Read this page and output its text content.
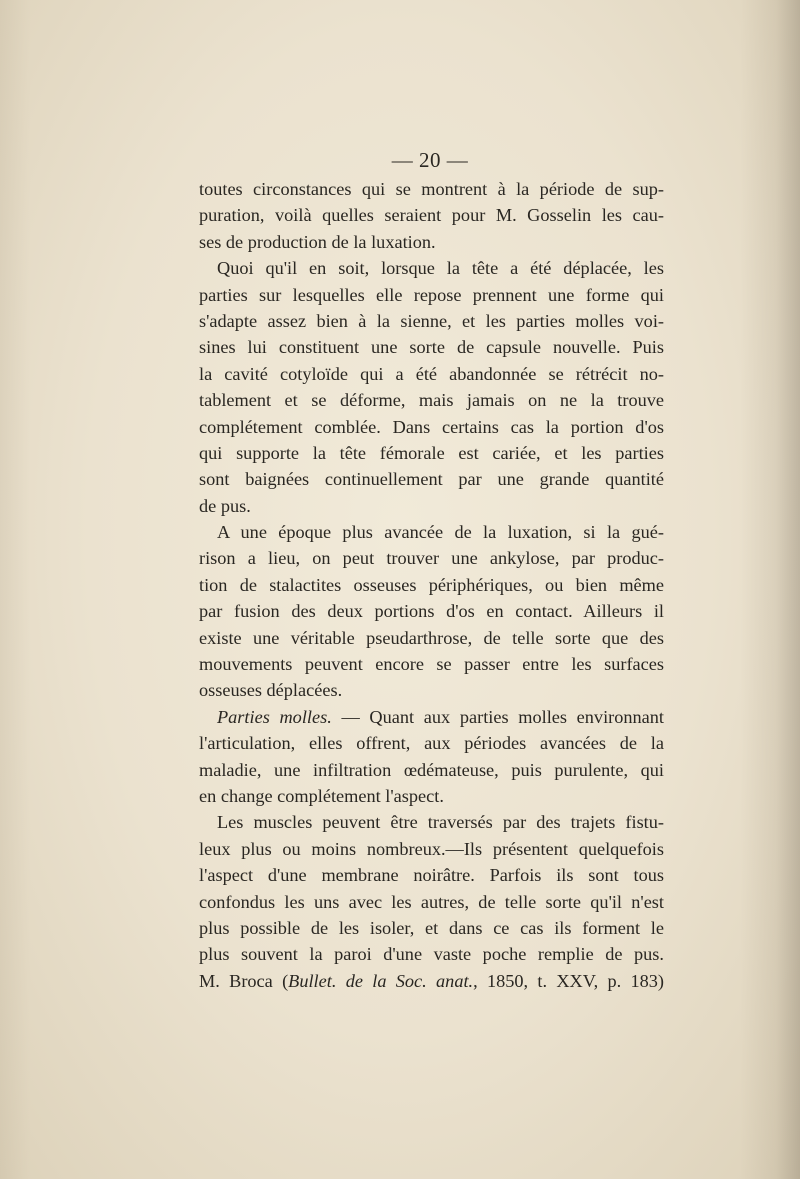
— 20 —
toutes circonstances qui se montrent à la période de sup-
puration, voilà quelles seraient pour M. Gosselin les cau-
ses de production de la luxation.
Quoi qu'il en soit, lorsque la tête a été déplacée, les
parties sur lesquelles elle repose prennent une forme qui
s'adapte assez bien à la sienne, et les parties molles voi-
sines lui constituent une sorte de capsule nouvelle. Puis
la cavité cotyloïde qui a été abandonnée se rétrécit no-
tablement et se déforme, mais jamais on ne la trouve
complétement comblée. Dans certains cas la portion d'os
qui supporte la tête fémorale est cariée, et les parties
sont baignées continuellement par une grande quantité
de pus.
A une époque plus avancée de la luxation, si la gué-
rison a lieu, on peut trouver une ankylose, par produc-
tion de stalactites osseuses périphériques, ou bien même
par fusion des deux portions d'os en contact. Ailleurs il
existe une véritable pseudarthrose, de telle sorte que des
mouvements peuvent encore se passer entre les surfaces
osseuses déplacées.
Parties molles. — Quant aux parties molles environnant
l'articulation, elles offrent, aux périodes avancées de la
maladie, une infiltration œdémateuse, puis purulente, qui
en change complétement l'aspect.
Les muscles peuvent être traversés par des trajets fistu-
leux plus ou moins nombreux.—Ils présentent quelquefois
l'aspect d'une membrane noirâtre. Parfois ils sont tous
confondus les uns avec les autres, de telle sorte qu'il n'est
plus possible de les isoler, et dans ce cas ils forment le
plus souvent la paroi d'une vaste poche remplie de pus.
M. Broca (Bullet. de la Soc. anat., 1850, t. XXV, p. 183)
